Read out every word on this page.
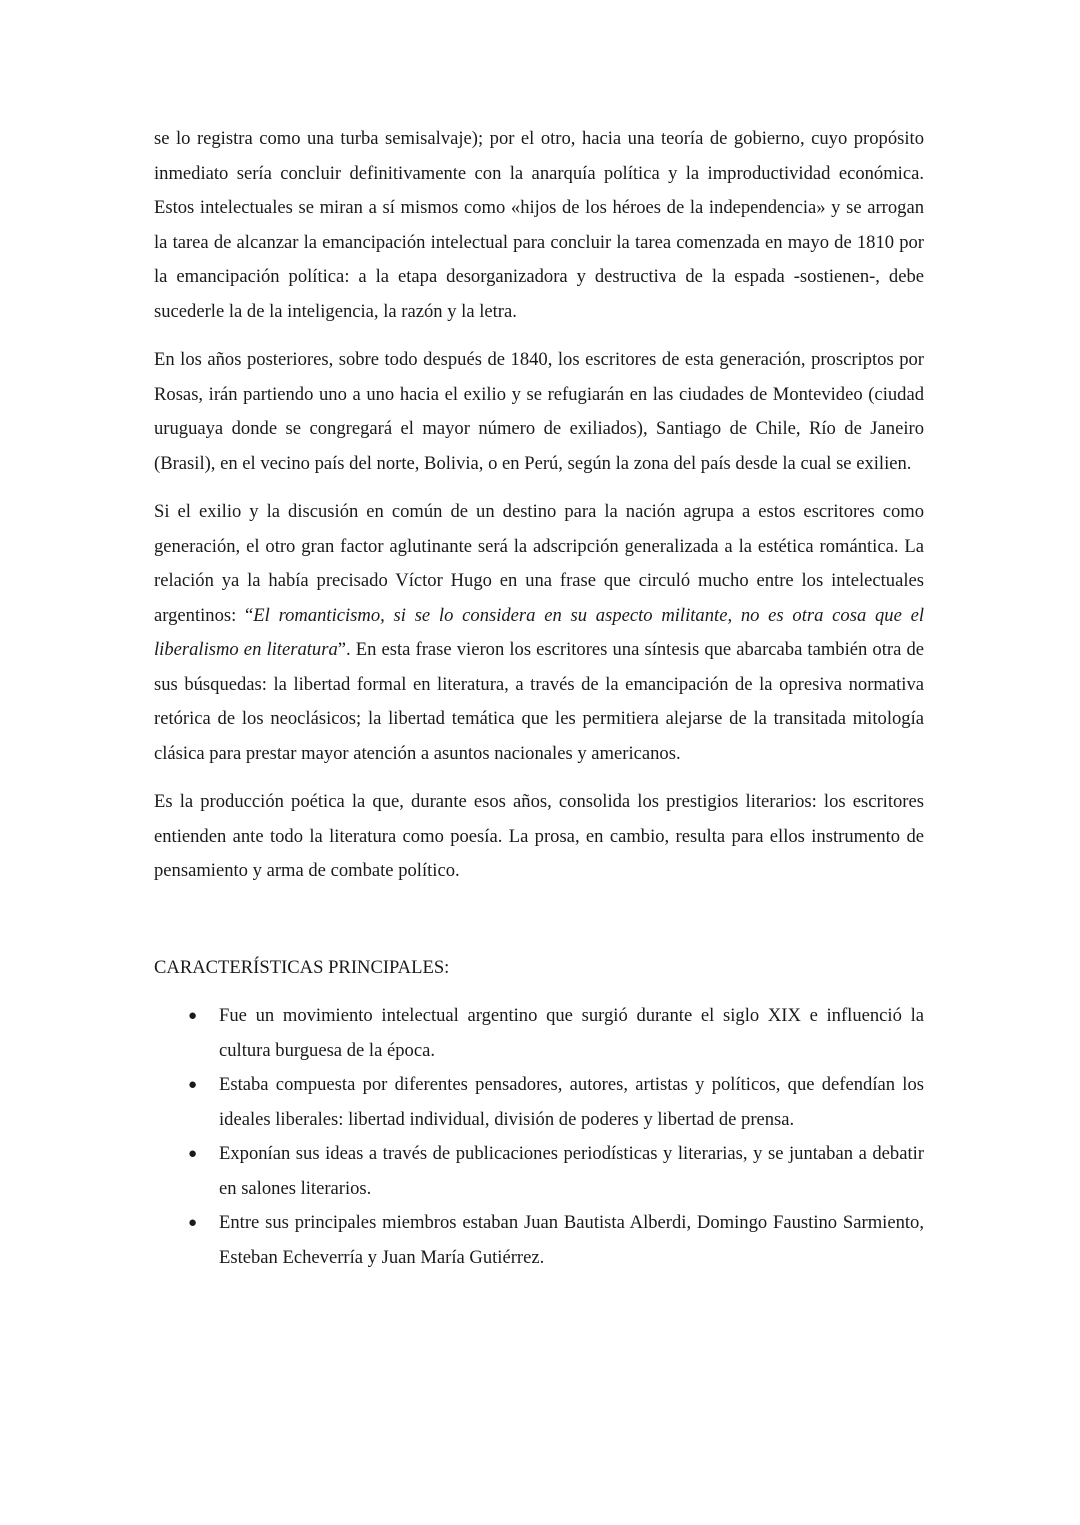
se lo registra como una turba semisalvaje); por el otro, hacia una teoría de gobierno, cuyo propósito inmediato sería concluir definitivamente con la anarquía política y la improductividad económica. Estos intelectuales se miran a sí mismos como «hijos de los héroes de la independencia» y se arrogan la tarea de alcanzar la emancipación intelectual para concluir la tarea comenzada en mayo de 1810 por la emancipación política: a la etapa desorganizadora y destructiva de la espada -sostienen-, debe sucederle la de la inteligencia, la razón y la letra.

En los años posteriores, sobre todo después de 1840, los escritores de esta generación, proscriptos por Rosas, irán partiendo uno a uno hacia el exilio y se refugiarán en las ciudades de Montevideo (ciudad uruguaya donde se congregará el mayor número de exiliados), Santiago de Chile, Río de Janeiro (Brasil), en el vecino país del norte, Bolivia, o en Perú, según la zona del país desde la cual se exilien.

Si el exilio y la discusión en común de un destino para la nación agrupa a estos escritores como generación, el otro gran factor aglutinante será la adscripción generalizada a la estética romántica. La relación ya la había precisado Víctor Hugo en una frase que circuló mucho entre los intelectuales argentinos: “El romanticismo, si se lo considera en su aspecto militante, no es otra cosa que el liberalismo en literatura”. En esta frase vieron los escritores una síntesis que abarcaba también otra de sus búsquedas: la libertad formal en literatura, a través de la emancipación de la opresiva normativa retórica de los neoclásicos; la libertad temática que les permitiera alejarse de la transitada mitología clásica para prestar mayor atención a asuntos nacionales y americanos.

Es la producción poética la que, durante esos años, consolida los prestigios literarios: los escritores entienden ante todo la literatura como poesía. La prosa, en cambio, resulta para ellos instrumento de pensamiento y arma de combate político.

CARACTERÍSTICAS PRINCIPALES:

● Fue un movimiento intelectual argentino que surgió durante el siglo XIX e influenció la cultura burguesa de la época.
● Estaba compuesta por diferentes pensadores, autores, artistas y políticos, que defendían los ideales liberales: libertad individual, división de poderes y libertad de prensa.
● Exponían sus ideas a través de publicaciones periodísticas y literarias, y se juntaban a debatir en salones literarios.
● Entre sus principales miembros estaban Juan Bautista Alberdi, Domingo Faustino Sarmiento, Esteban Echeverría y Juan María Gutiérrez.
